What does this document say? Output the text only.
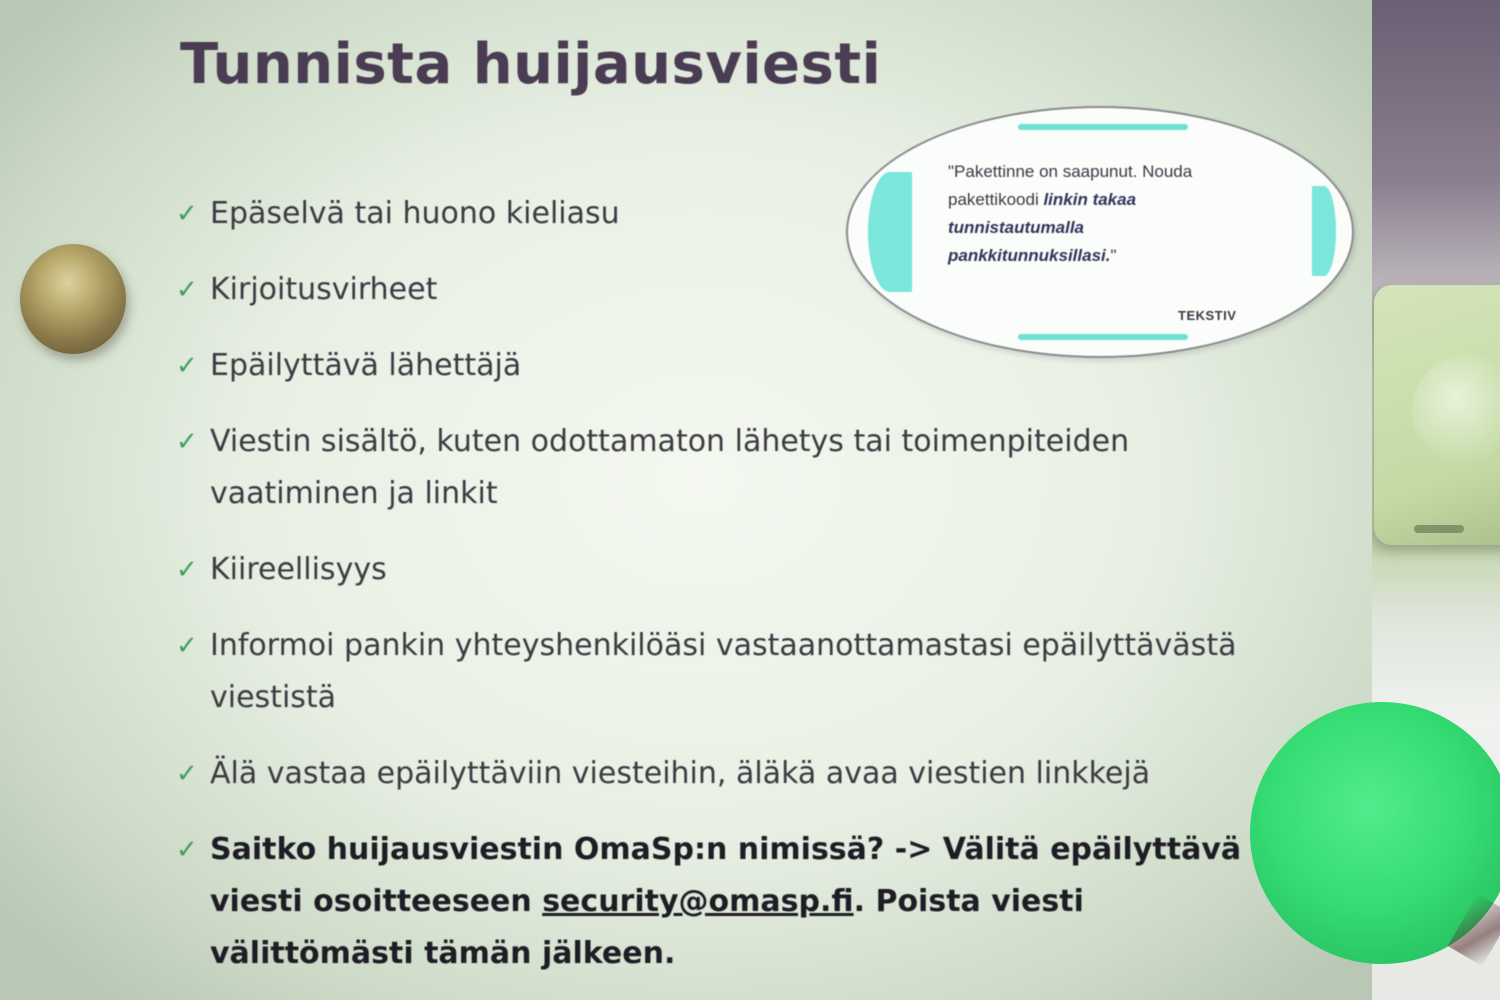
Tunnista huijausviesti
✓ Epäselvä tai huono kieliasu
✓ Kirjoitusvirheet
✓ Epäilyttävä lähettäjä
✓ Viestin sisältö, kuten odottamaton lähetys tai toimenpiteiden vaatiminen ja linkit
✓ Kiireellisyys
✓ Informoi pankin yhteyshenkilöäsi vastaanottamastasi epäilyttävästä viestistä
✓ Älä vastaa epäilyttäviin viesteihin, äläkä avaa viestien linkkejä
✓ Saitko huijausviestin OmaSp:n nimissä? -> Välitä epäilyttävä viesti osoitteeseen security@omasp.fi. Poista viesti välittömästi tämän jälkeen.
"Pakettinne on saapunut. Nouda pakettikoodi linkin takaa tunnistautumalla pankkitunnuksillasi."
TEKSTIV
